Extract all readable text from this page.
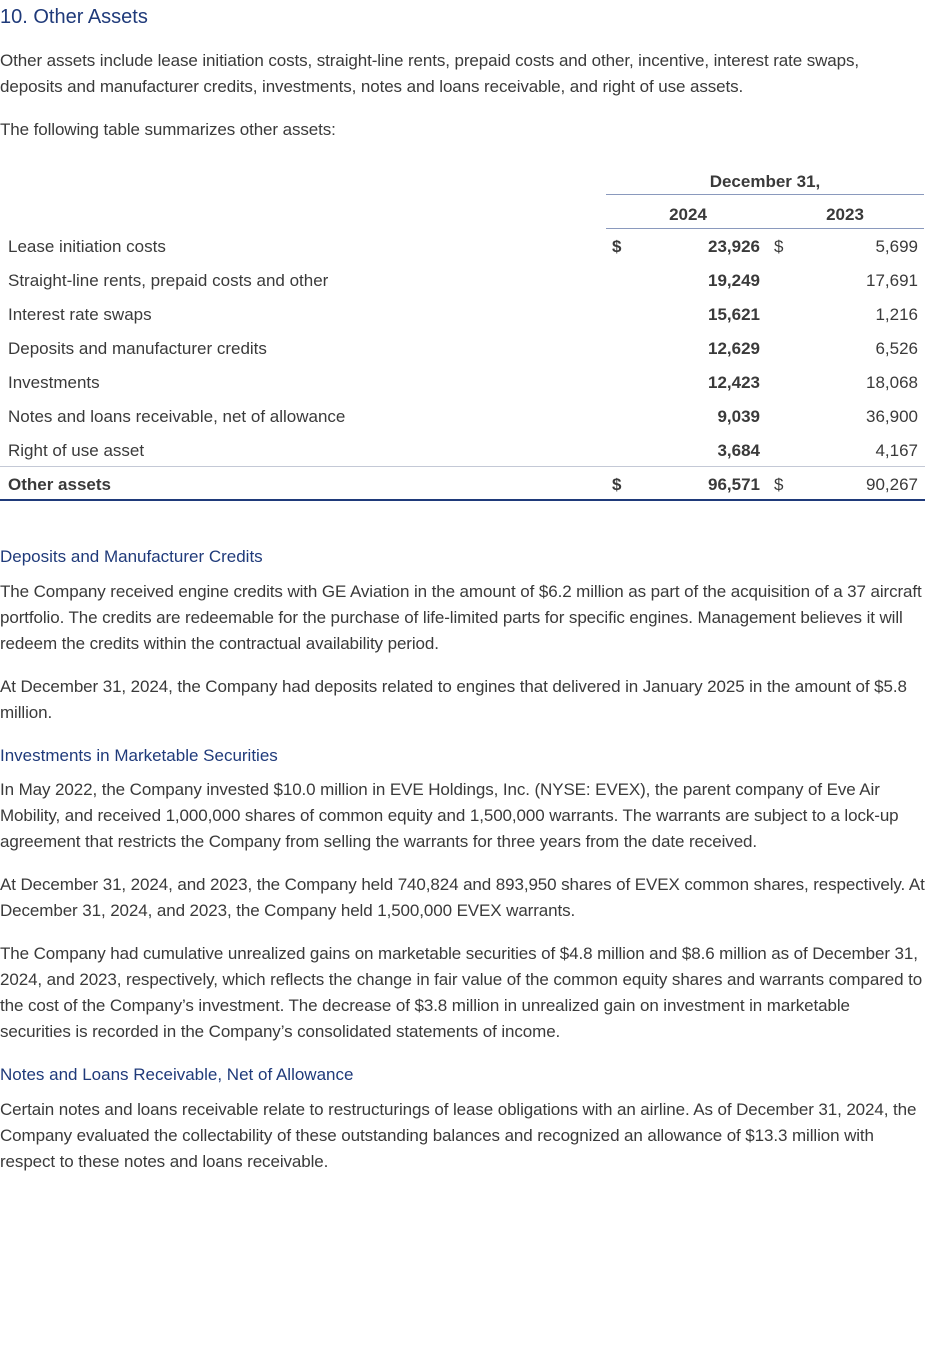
10. Other Assets

Other assets include lease initiation costs, straight-line rents, prepaid costs and other, incentive, interest rate swaps, deposits and manufacturer credits, investments, notes and loans receivable, and right of use assets.

The following table summarizes other assets:

December 31,
2024	2023
Lease initiation costs	$	23,926 $	5,699
Straight-line rents, prepaid costs and other	19,249	17,691
Interest rate swaps	15,621	1,216
Deposits and manufacturer credits	12,629	6,526
Investments	12,423	18,068
Notes and loans receivable, net of allowance	9,039	36,900
Right of use asset	3,684	4,167
Other assets	$	96,571 $	90,267
Deposits and Manufacturer Credits

The Company received engine credits with GE Aviation in the amount of $6.2 million as part of the acquisition of a 37 aircraft portfolio. The credits are redeemable for the purchase of life-limited parts for specific engines. Management believes it will redeem the credits within the contractual availability period.

At December 31, 2024, the Company had deposits related to engines that delivered in January 2025 in the amount of $5.8 million.

Investments in Marketable Securities

In May 2022, the Company invested $10.0 million in EVE Holdings, Inc. (NYSE: EVEX), the parent company of Eve Air Mobility, and received 1,000,000 shares of common equity and 1,500,000 warrants. The warrants are subject to a lock-up agreement that restricts the Company from selling the warrants for three years from the date received.

At December 31, 2024, and 2023, the Company held 740,824 and 893,950 shares of EVEX common shares, respectively. At December 31, 2024, and 2023, the Company held 1,500,000 EVEX warrants.

The Company had cumulative unrealized gains on marketable securities of $4.8 million and $8.6 million as of December 31, 2024, and 2023, respectively, which reflects the change in fair value of the common equity shares and warrants compared to the cost of the Company’s investment. The decrease of $3.8 million in unrealized gain on investment in marketable securities is recorded in the Company’s consolidated statements of income.

Notes and Loans Receivable, Net of Allowance

Certain notes and loans receivable relate to restructurings of lease obligations with an airline. As of December 31, 2024, the Company evaluated the collectability of these outstanding balances and recognized an allowance of $13.3 million with respect to these notes and loans receivable.
